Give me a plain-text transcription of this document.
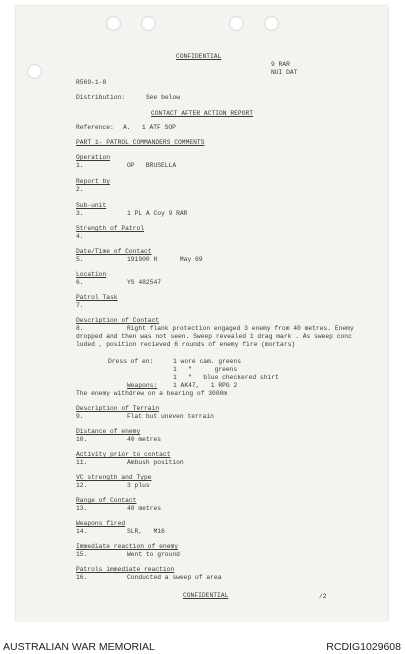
CONFIDENTIAL
9 RAR
NUI DAT
R569-1-8
Distribution:	See below
CONTACT AFTER ACTION REPORT
Reference: A.   1 ATF SOP
PART 1- PATROL COMMANDERS COMMENTS
Operation
1.	OP   BRUSELLA
Report by
2.
Sub-unit
3.	1 PL A Coy 9 RAR
Strength of Patrol
4.
Date/Time of Contact
5.	191900 H      May 69
Location
6.	YS 482547
Patrol Task
7.
Description of Contact
8.	Right flank protection engaged 3 enemy from 40 metres. Enemy
dropped and then was not seen. Sweep revealed 1 drag mark . As sweep conc
luded , position recieved 6 rounds of enemy fire (mortars)
Dress of en:	1 wore cam. greens
1   "      greens
1   "   blue checkered shirt
Weapons:	1 AK47,   1 RPG 2
The enemy withdrew on a bearing of 3000m
Description of Terrain
9.	Flat but uneven terrain
Distance of enemy
10.	40 metres
Activity prior to contact
11.	Ambush position
VC strength and Type
12.	3 plus
Range of Contact
13.	40 metres
Weapons fired
14.	SLR,   M16
Immediate reaction of enemy
15.	Went to ground
Patrols immediate reaction
16.	Conducted a sweep of area
CONFIDENTIAL	/2
AUSTRALIAN WAR MEMORIAL	RCDIG1029608
